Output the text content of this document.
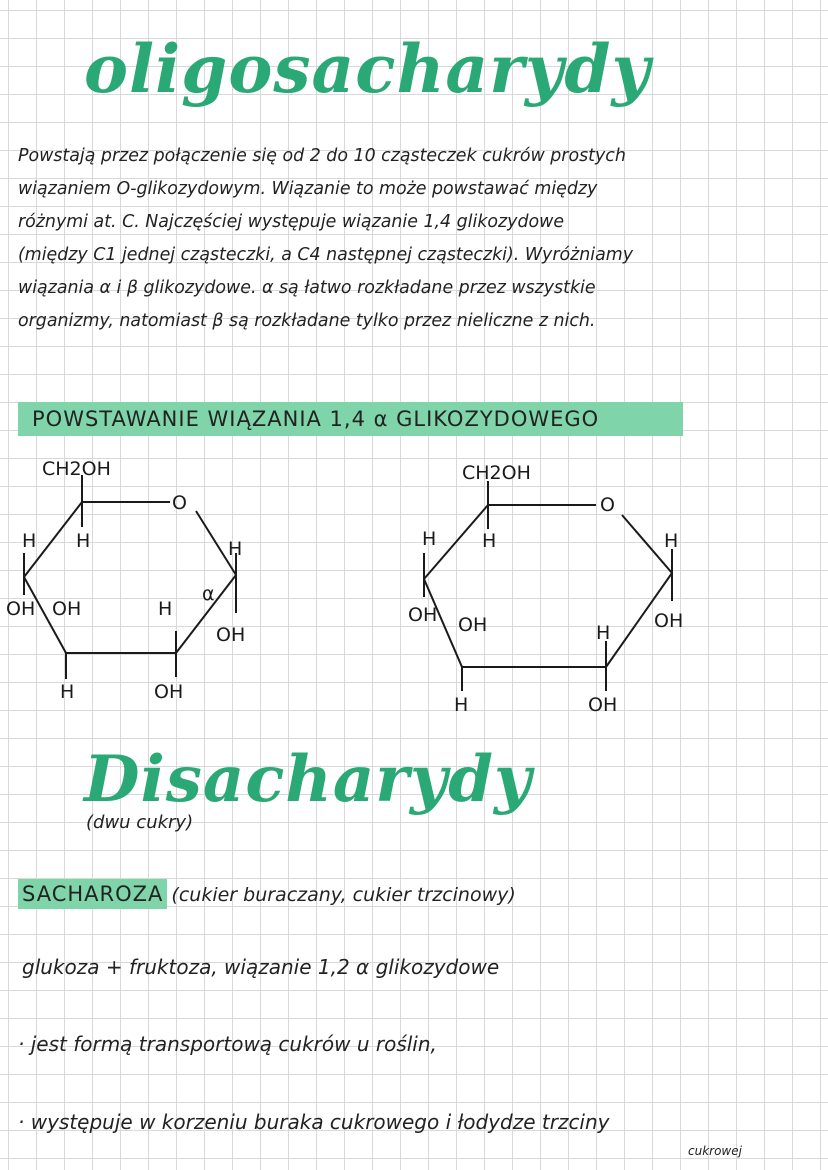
oligosacharydy

Powstają przez połączenie się od 2 do 10 cząsteczek cukrów prostych

wiązaniem O-glikozydowym. Wiązanie to może powstawać między

różnymi at. C. Najczęściej występuje wiązanie 1,4 glikozydowe

(między C1 jednej cząsteczki, a C4 następnej cząsteczki). Wyróżniamy

wiązania α i β glikozydowe. α są łatwo rozkładane przez wszystkie

organizmy, natomiast β są rozkładane tylko przez nieliczne z nich.

POWSTAWANIE WIĄZANIA 1,4 α GLIKOZYDOWEGO
CH2OH
O
H H	H
α
OH
OH OH	H
H	OH
CH2OH
O
H H	H
OH
OH OH	H
H	OH
Disacharydy
(dwu cukry)
SACHAROZA (cukier buraczany, cukier trzcinowy)
glukoza + fruktoza, wiązanie 1,2 α glikozydowe
· jest formą transportową cukrów u roślin,
· występuje w korzeniu buraka cukrowego i łodydze trzciny
cukrowej
